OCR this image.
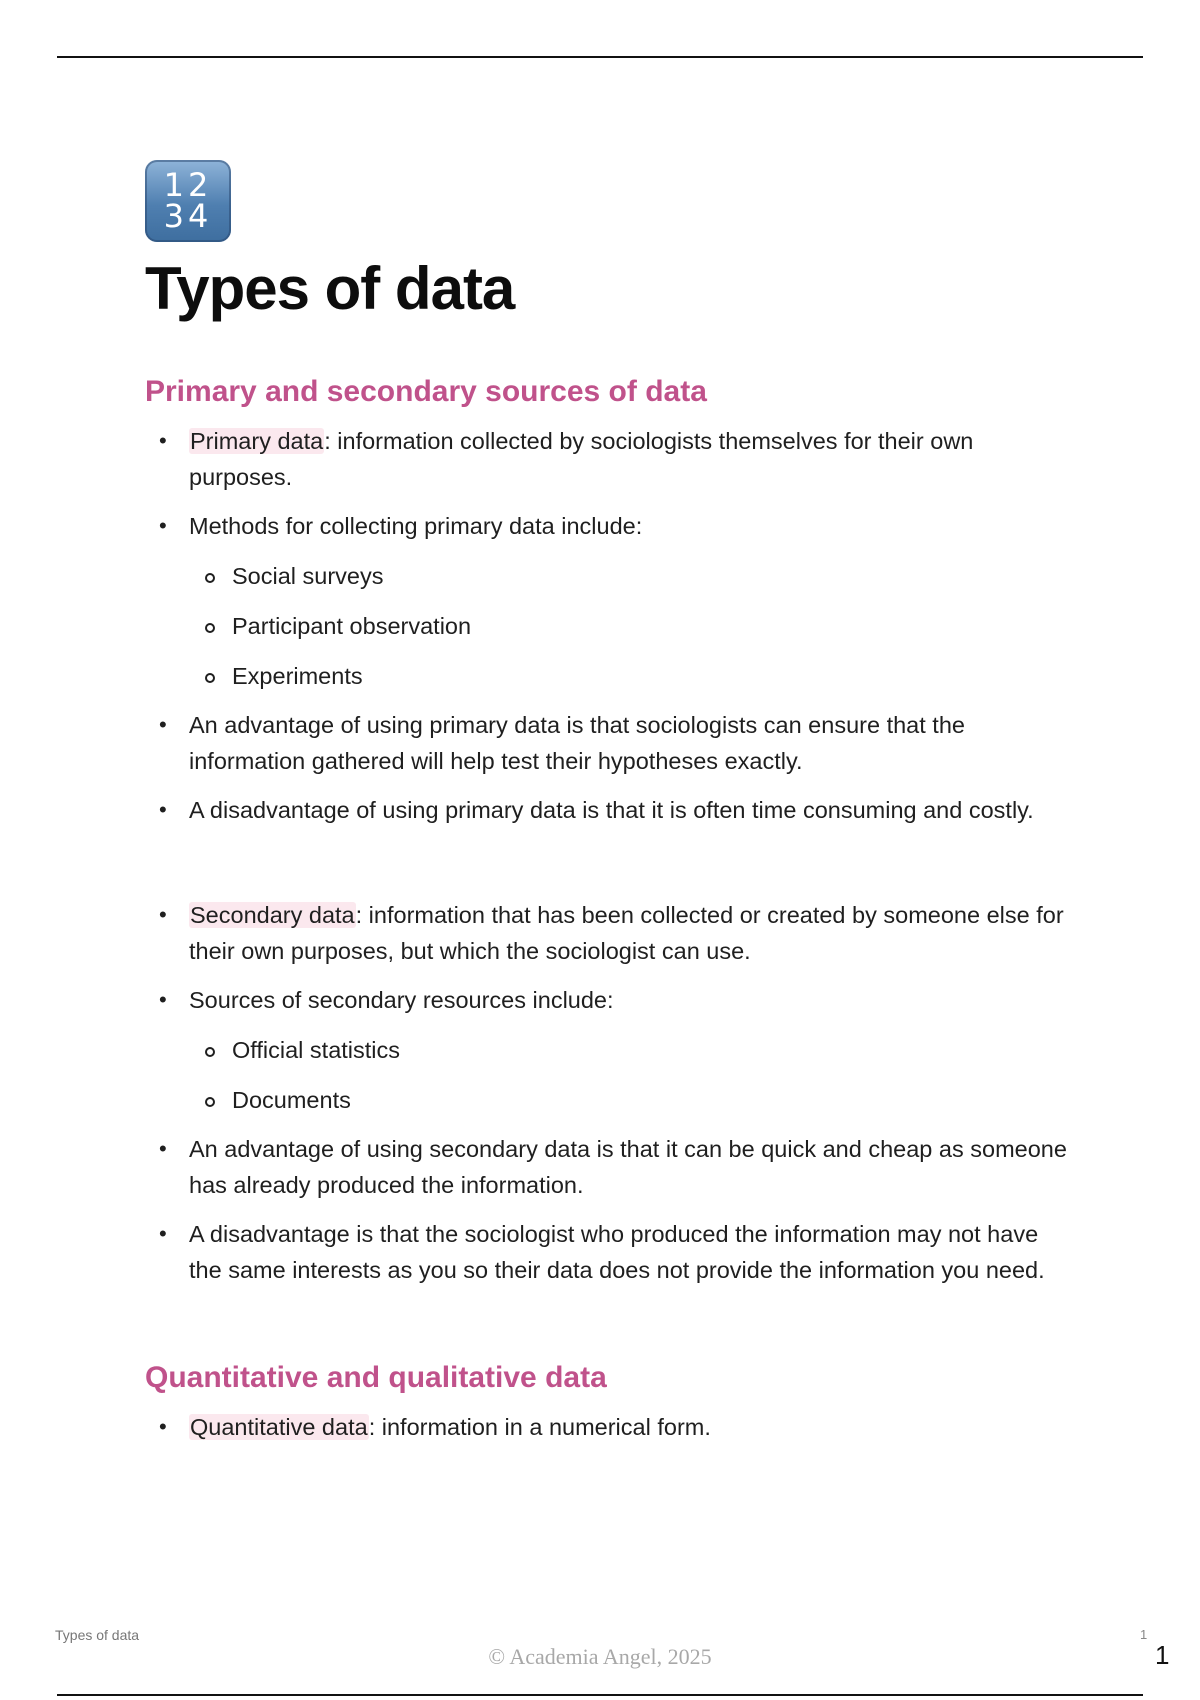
12
34
Types of data
Primary and secondary sources of data
• Primary data: information collected by sociologists themselves for their own purposes.
• Methods for collecting primary data include:
Social surveys
Participant observation
Experiments
• An advantage of using primary data is that sociologists can ensure that the information gathered will help test their hypotheses exactly.
• A disadvantage of using primary data is that it is often time consuming and costly.
• Secondary data: information that has been collected or created by someone else for their own purposes, but which the sociologist can use.
• Sources of secondary resources include:
Official statistics
Documents
• An advantage of using secondary data is that it can be quick and cheap as someone has already produced the information.
• A disadvantage is that the sociologist who produced the information may not have the same interests as you so their data does not provide the information you need.
Quantitative and qualitative data
• Quantitative data: information in a numerical form.
Types of data
© Academia Angel, 2025
1
1
